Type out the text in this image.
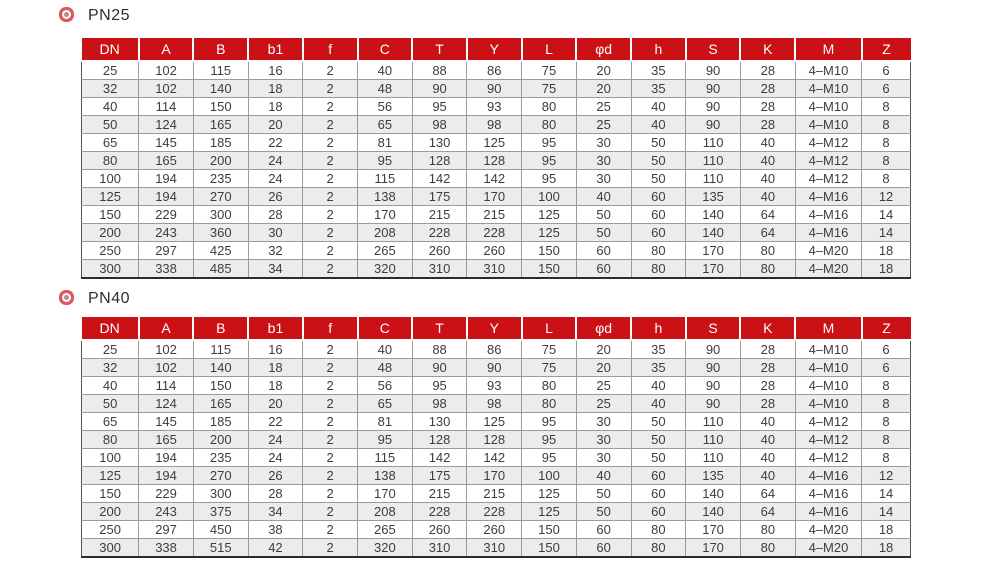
PN25
DN	A	B	b1	f	C	T	Y	L	φd	h	S	K	M	Z
25	102	115	16	2	40	88	86	75	20	35	90	28	4–M10	6
32	102	140	18	2	48	90	90	75	20	35	90	28	4–M10	6
40	114	150	18	2	56	95	93	80	25	40	90	28	4–M10	8
50	124	165	20	2	65	98	98	80	25	40	90	28	4–M10	8
65	145	185	22	2	81	130	125	95	30	50	110	40	4–M12	8
80	165	200	24	2	95	128	128	95	30	50	110	40	4–M12	8
100	194	235	24	2	115	142	142	95	30	50	110	40	4–M12	8
125	194	270	26	2	138	175	170	100	40	60	135	40	4–M16	12
150	229	300	28	2	170	215	215	125	50	60	140	64	4–M16	14
200	243	360	30	2	208	228	228	125	50	60	140	64	4–M16	14
250	297	425	32	2	265	260	260	150	60	80	170	80	4–M20	18
300	338	485	34	2	320	310	310	150	60	80	170	80	4–M20	18
PN40
DN	A	B	b1	f	C	T	Y	L	φd	h	S	K	M	Z
25	102	115	16	2	40	88	86	75	20	35	90	28	4–M10	6
32	102	140	18	2	48	90	90	75	20	35	90	28	4–M10	6
40	114	150	18	2	56	95	93	80	25	40	90	28	4–M10	8
50	124	165	20	2	65	98	98	80	25	40	90	28	4–M10	8
65	145	185	22	2	81	130	125	95	30	50	110	40	4–M12	8
80	165	200	24	2	95	128	128	95	30	50	110	40	4–M12	8
100	194	235	24	2	115	142	142	95	30	50	110	40	4–M12	8
125	194	270	26	2	138	175	170	100	40	60	135	40	4–M16	12
150	229	300	28	2	170	215	215	125	50	60	140	64	4–M16	14
200	243	375	34	2	208	228	228	125	50	60	140	64	4–M16	14
250	297	450	38	2	265	260	260	150	60	80	170	80	4–M20	18
300	338	515	42	2	320	310	310	150	60	80	170	80	4–M20	18
